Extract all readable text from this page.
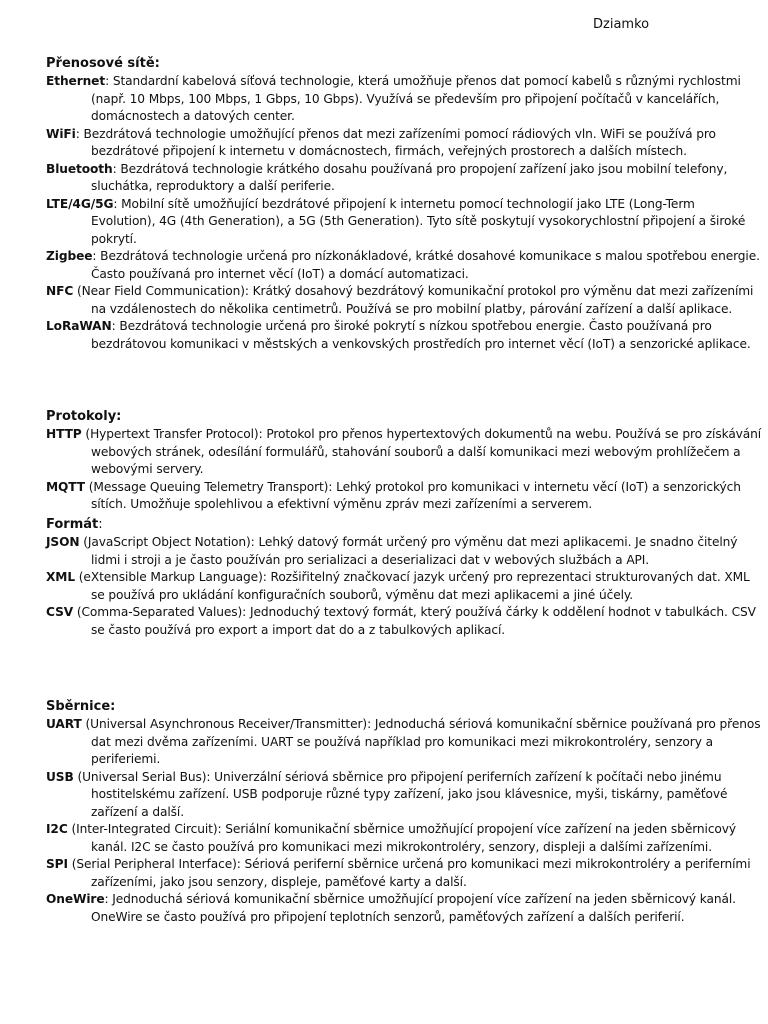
Dziamko

Přenosové sítě:

Ethernet: Standardní kabelová síťová technologie, která umožňuje přenos dat pomocí kabelů s různými rychlostmi (např. 10 Mbps, 100 Mbps, 1 Gbps, 10 Gbps). Využívá se především pro připojení počítačů v kancelářích, domácnostech a datových center.

WiFi: Bezdrátová technologie umožňující přenos dat mezi zařízeními pomocí rádiových vln. WiFi se používá pro bezdrátové připojení k internetu v domácnostech, firmách, veřejných prostorech a dalších místech.

Bluetooth: Bezdrátová technologie krátkého dosahu používaná pro propojení zařízení jako jsou mobilní telefony, sluchátka, reproduktory a další periferie.

LTE/4G/5G: Mobilní sítě umožňující bezdrátové připojení k internetu pomocí technologií jako LTE (Long-Term Evolution), 4G (4th Generation), a 5G (5th Generation). Tyto sítě poskytují vysokorychlostní připojení a široké pokrytí.

Zigbee: Bezdrátová technologie určená pro nízkonákladové, krátké dosahové komunikace s malou spotřebou energie. Často používaná pro internet věcí (IoT) a domácí automatizaci.

NFC (Near Field Communication): Krátký dosahový bezdrátový komunikační protokol pro výměnu dat mezi zařízeními na vzdálenostech do několika centimetrů. Používá se pro mobilní platby, párování zařízení a další aplikace.

LoRaWAN: Bezdrátová technologie určená pro široké pokrytí s nízkou spotřebou energie. Často používaná pro bezdrátovou komunikaci v městských a venkovských prostředích pro internet věcí (IoT) a senzorické aplikace.

Protokoly:

HTTP (Hypertext Transfer Protocol): Protokol pro přenos hypertextových dokumentů na webu. Používá se pro získávání webových stránek, odesílání formulářů, stahování souborů a další komunikaci mezi webovým prohlížečem a webovými servery.

MQTT (Message Queuing Telemetry Transport): Lehký protokol pro komunikaci v internetu věcí (IoT) a senzorických sítích. Umožňuje spolehlivou a efektivní výměnu zpráv mezi zařízeními a serverem.

Formát:

JSON (JavaScript Object Notation): Lehký datový formát určený pro výměnu dat mezi aplikacemi. Je snadno čitelný lidmi i stroji a je často používán pro serializaci a deserializaci dat v webových službách a API.

XML (eXtensible Markup Language): Rozšiřitelný značkovací jazyk určený pro reprezentaci strukturovaných dat. XML se používá pro ukládání konfiguračních souborů, výměnu dat mezi aplikacemi a jiné účely.

CSV (Comma-Separated Values): Jednoduchý textový formát, který používá čárky k oddělení hodnot v tabulkách. CSV se často používá pro export a import dat do a z tabulkových aplikací.

Sběrnice:

UART (Universal Asynchronous Receiver/Transmitter): Jednoduchá sériová komunikační sběrnice používaná pro přenos dat mezi dvěma zařízeními. UART se používá například pro komunikaci mezi mikrokontroléry, senzory a periferiemi.

USB (Universal Serial Bus): Univerzální sériová sběrnice pro připojení periferních zařízení k počítači nebo jinému hostitelskému zařízení. USB podporuje různé typy zařízení, jako jsou klávesnice, myši, tiskárny, paměťové zařízení a další.

I2C (Inter-Integrated Circuit): Seriální komunikační sběrnice umožňující propojení více zařízení na jeden sběrnicový kanál. I2C se často používá pro komunikaci mezi mikrokontroléry, senzory, displeji a dalšími zařízeními.

SPI (Serial Peripheral Interface): Sériová periferní sběrnice určená pro komunikaci mezi mikrokontroléry a periferními zařízeními, jako jsou senzory, displeje, paměťové karty a další.

OneWire: Jednoduchá sériová komunikační sběrnice umožňující propojení více zařízení na jeden sběrnicový kanál. OneWire se často používá pro připojení teplotních senzorů, paměťových zařízení a dalších periferií.
